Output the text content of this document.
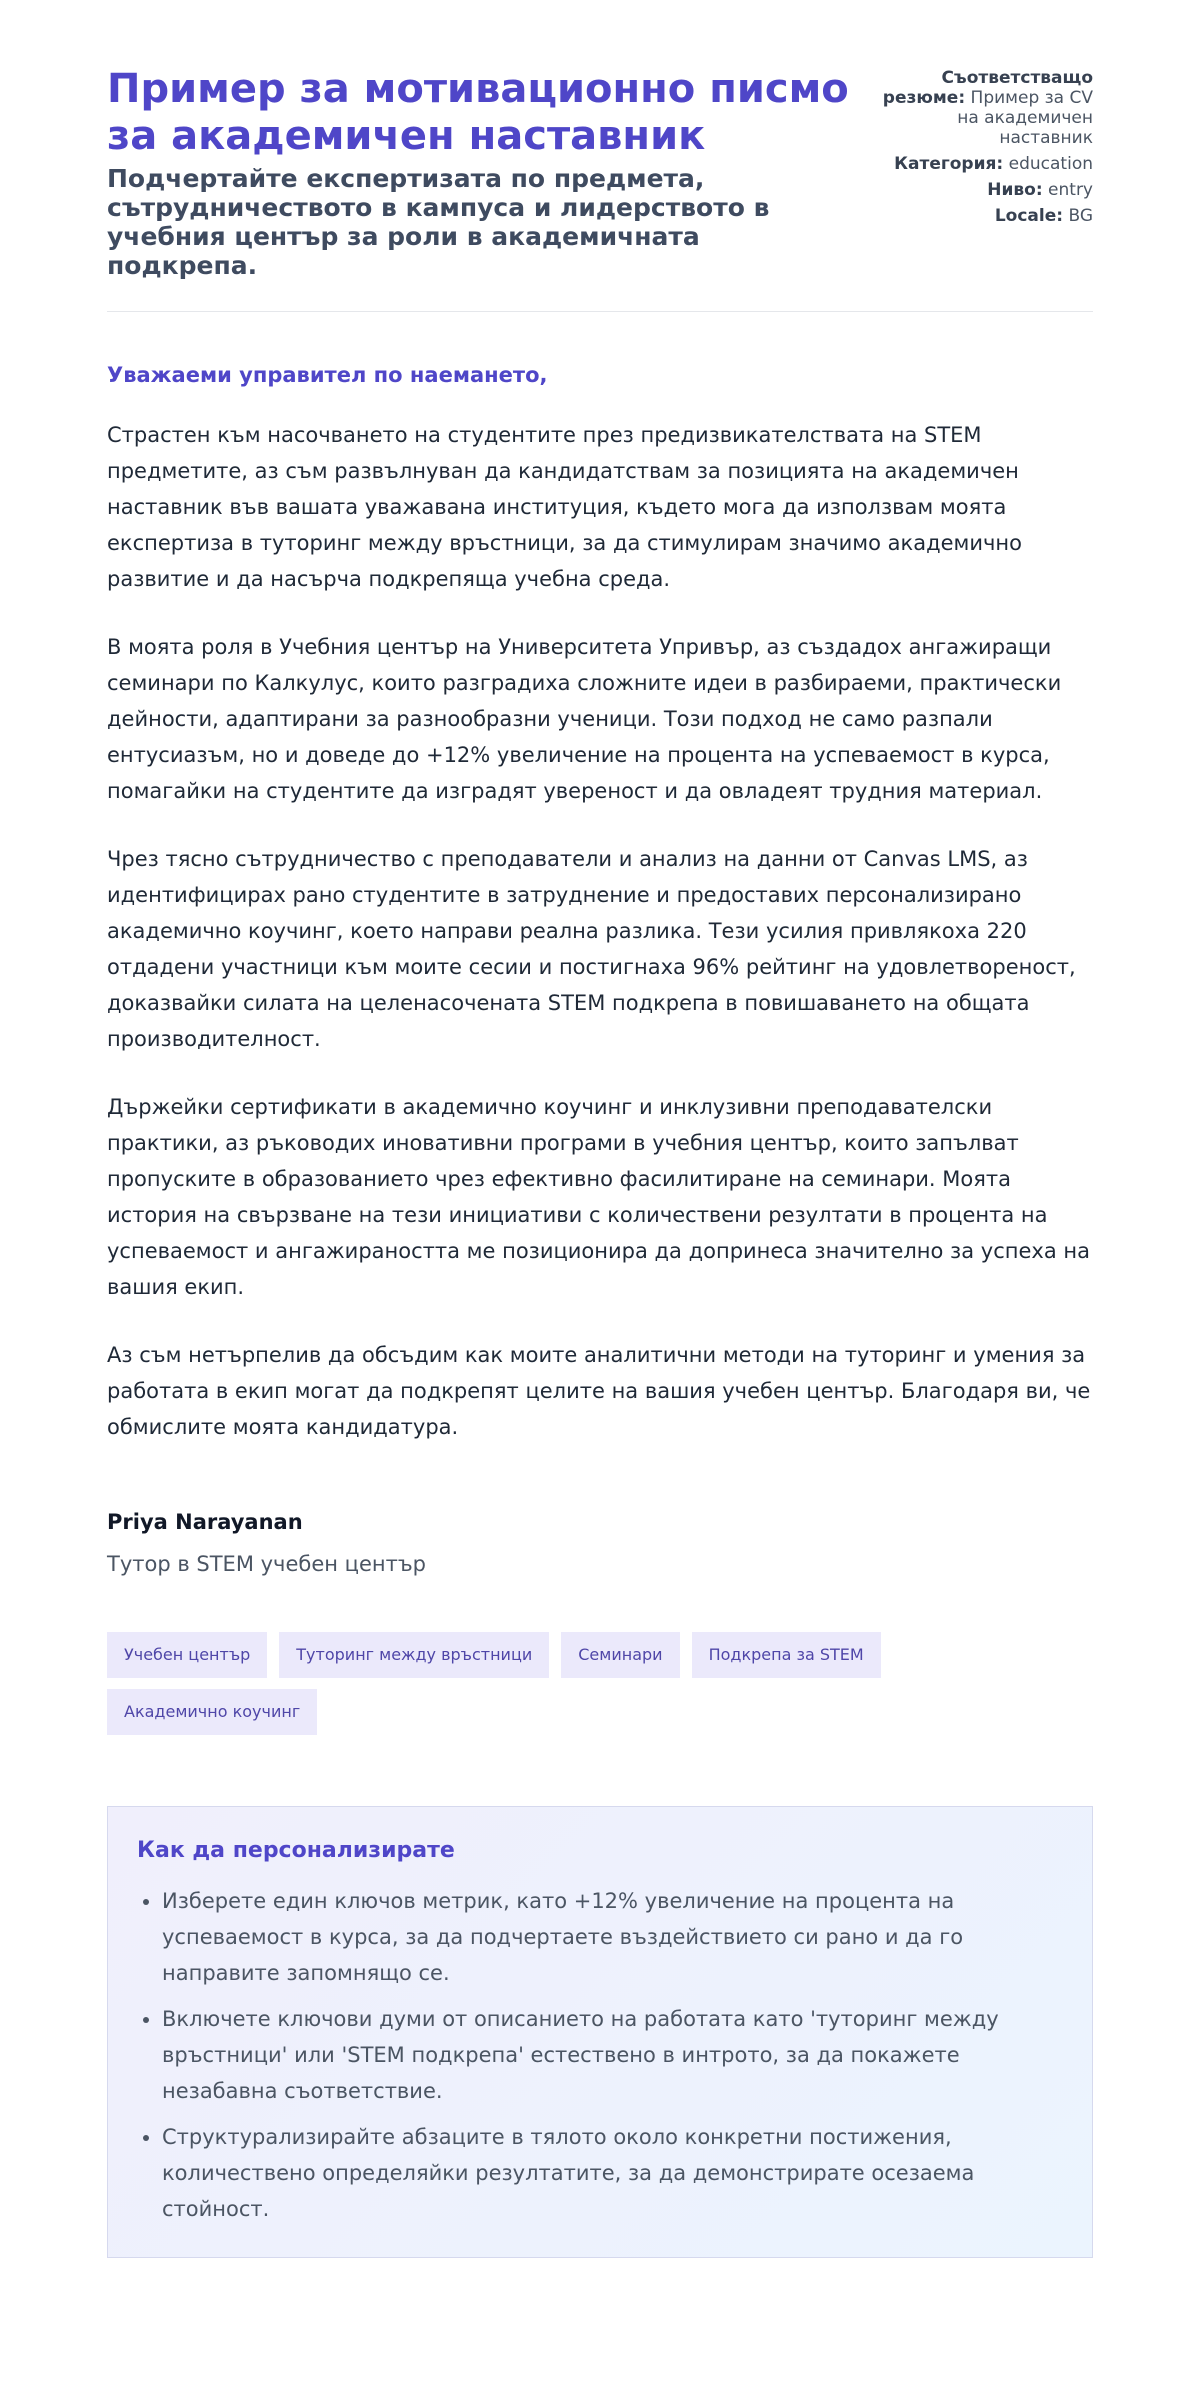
Пример за мотивационно писмо за академичен наставник
Подчертайте експертизата по предмета, сътрудничеството в кампуса и лидерството в учебния център за роли в академичната подкрепа.
Съответстващо резюме: Пример за CV на академичен наставник
Категория: education
Ниво: entry
Locale: BG
Уважаеми управител по наемането,

Страстен към насочването на студентите през предизвикателствата на STEM предметите, аз съм развълнуван да кандидатствам за позицията на академичен наставник във вашата уважавана институция, където мога да използвам моята експертиза в туторинг между връстници, за да стимулирам значимо академично развитие и да насърча подкрепяща учебна среда.

В моята роля в Учебния център на Университета Упривър, аз създадох ангажиращи семинари по Калкулус, които разградиха сложните идеи в разбираеми, практически дейности, адаптирани за разнообразни ученици. Този подход не само разпали ентусиазъм, но и доведе до +12% увеличение на процента на успеваемост в курса, помагайки на студентите да изградят увереност и да овладеят трудния материал.

Чрез тясно сътрудничество с преподаватели и анализ на данни от Canvas LMS, аз идентифицирах рано студентите в затруднение и предоставих персонализирано академично коучинг, което направи реална разлика. Тези усилия привлякоха 220 отдадени участници към моите сесии и постигнаха 96% рейтинг на удовлетвореност, доказвайки силата на целенасочената STEM подкрепа в повишаването на общата производителност.

Държейки сертификати в академично коучинг и инклузивни преподавателски практики, аз ръководих иновативни програми в учебния център, които запълват пропуските в образованието чрез ефективно фасилитиране на семинари. Моята история на свързване на тези инициативи с количествени резултати в процента на успеваемост и ангажираността ме позиционира да допринеса значително за успеха на вашия екип.

Аз съм нетърпелив да обсъдим как моите аналитични методи на туторинг и умения за работата в екип могат да подкрепят целите на вашия учебен център. Благодаря ви, че обмислите моята кандидатура.

Priya Narayanan
Тутор в STEM учебен център
Учебен център	Туторинг между връстници	Семинари	Подкрепа за STEM
Академично коучинг
Как да персонализирате
• Изберете един ключов метрик, като +12% увеличение на процента на успеваемост в курса, за да подчертаете въздействието си рано и да го направите запомнящо се.
• Включете ключови думи от описанието на работата като 'туторинг между връстници' или 'STEM подкрепа' естествено в интрото, за да покажете незабавна съответствие.
• Структурализирайте абзаците в тялото около конкретни постижения, количествено определяйки резултатите, за да демонстрирате осезаема стойност.
